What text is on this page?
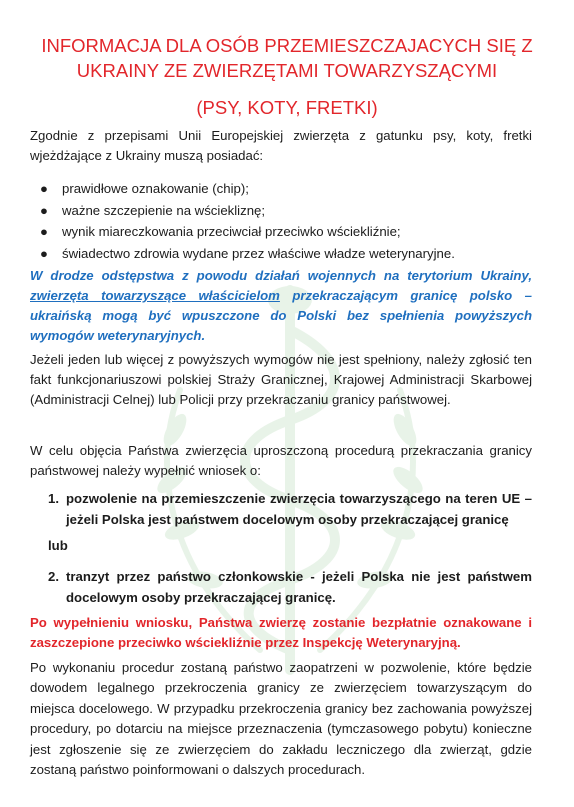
INFORMACJA DLA OSÓB PRZEMIESZCZAJACYCH SIĘ Z
UKRAINY ZE ZWIERZĘTAMI TOWARZYSZĄCYMI
(PSY, KOTY, FRETKI)

Zgodnie z przepisami Unii Europejskiej zwierzęta z gatunku psy, koty, fretki wjeżdżające z Ukrainy muszą posiadać:

● prawidłowe oznakowanie (chip);
● ważne szczepienie na wściekliznę;
● wynik miareczkowania przeciwciał przeciwko wściekliźnie;
● świadectwo zdrowia wydane przez właściwe władze weterynaryjne.

W drodze odstępstwa z powodu działań wojennych na terytorium Ukrainy, zwierzęta towarzyszące właścicielom przekraczającym granicę polsko – ukraińską mogą być wpuszczone do Polski bez spełnienia powyższych wymogów weterynaryjnych.

Jeżeli jeden lub więcej z powyższych wymogów nie jest spełniony, należy zgłosić ten fakt funkcjonariuszowi polskiej Straży Granicznej, Krajowej Administracji Skarbowej (Administracji Celnej) lub Policji przy przekraczaniu granicy państwowej.

W celu objęcia Państwa zwierzęcia uproszczoną procedurą przekraczania granicy państwowej należy wypełnić wniosek o:

1. pozwolenie na przemieszczenie zwierzęcia towarzyszącego na teren UE – jeżeli Polska jest państwem docelowym osoby przekraczającej granicę
lub
2. tranzyt przez państwo członkowskie - jeżeli Polska nie jest państwem docelowym osoby przekraczającej granicę.

Po wypełnieniu wniosku, Państwa zwierzę zostanie bezpłatnie oznakowane i zaszczepione przeciwko wściekliźnie przez Inspekcję Weterynaryjną.

Po wykonaniu procedur zostaną państwo zaopatrzeni w pozwolenie, które będzie dowodem legalnego przekroczenia granicy ze zwierzęciem towarzyszącym do miejsca docelowego. W przypadku przekroczenia granicy bez zachowania powyższej procedury, po dotarciu na miejsce przeznaczenia (tymczasowego pobytu) konieczne jest zgłoszenie się ze zwierzęciem do zakładu leczniczego dla zwierząt, gdzie zostaną państwo poinformowani o dalszych procedurach.
